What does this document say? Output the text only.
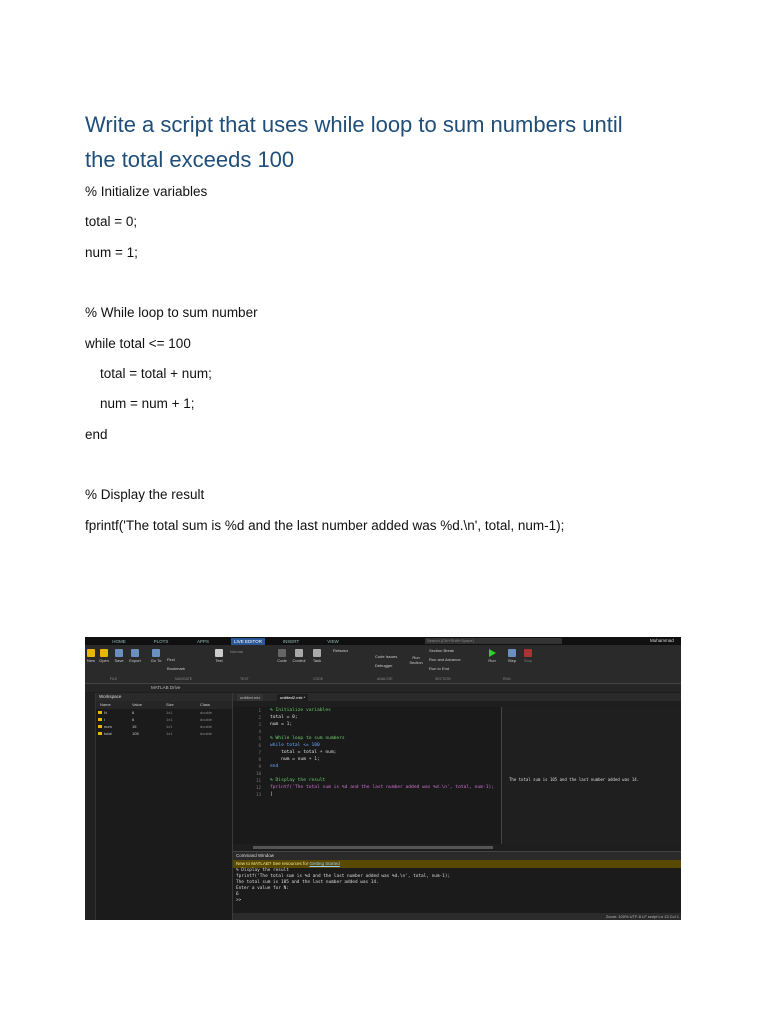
Write a script that uses while loop to sum numbers until
the total exceeds 100
% Initialize variables
total = 0;
num = 1;
% While loop to sum number
while total <= 100
total = total + num;
num = num + 1;
end
% Display the result
fprintf('The total sum is %d and the last number added was %d.\n', total, num-1);
HOME	PLOTS	APPS	LIVE EDITOR	INSERT	VIEW	Search (Ctrl+Shift+Space)	Muhammad
New Open	Save	Export	Go To	Find
Bookmark
Text
Normal
Code	Control	Task
Refactor
Code Issues
Debugger
Run Section
Section Break
Run and Advance
Run to End
Run	Step	Stop
FILE	NAVIGATE	TEXT	CODE	ANALYZE	SECTION	RUN
MATLAB Drive
Workspace
Name	Value	Size	Class
N	6	1x1	double
i	6	1x1	double
num	15	1x1	double
total	105	1x1	double
untitled.mlx	untitled2.mlx *
1
2
3
4
5
6
7
8
9
10
11
12
13
% Initialize variables
total = 0;
num = 1;
% While loop to sum numbers
while total <= 100
total = total + num;
num = num + 1;
end
% Display the result
fprintf('The total sum is %d and the last number added was %d.\n', total, num-1);
|
The total sum is 105 and the last number added was 14.
Command Window
New to MATLAB? See resources for Getting Started
% Display the result
fprintf('The total sum is %d and the last number added was %d.\n', total, num-1);
The total sum is 105 and the last number added was 14.
Enter a value for N:
6
>>
Zoom: 100% UTF-8 LF script Ln 13 Col 1
